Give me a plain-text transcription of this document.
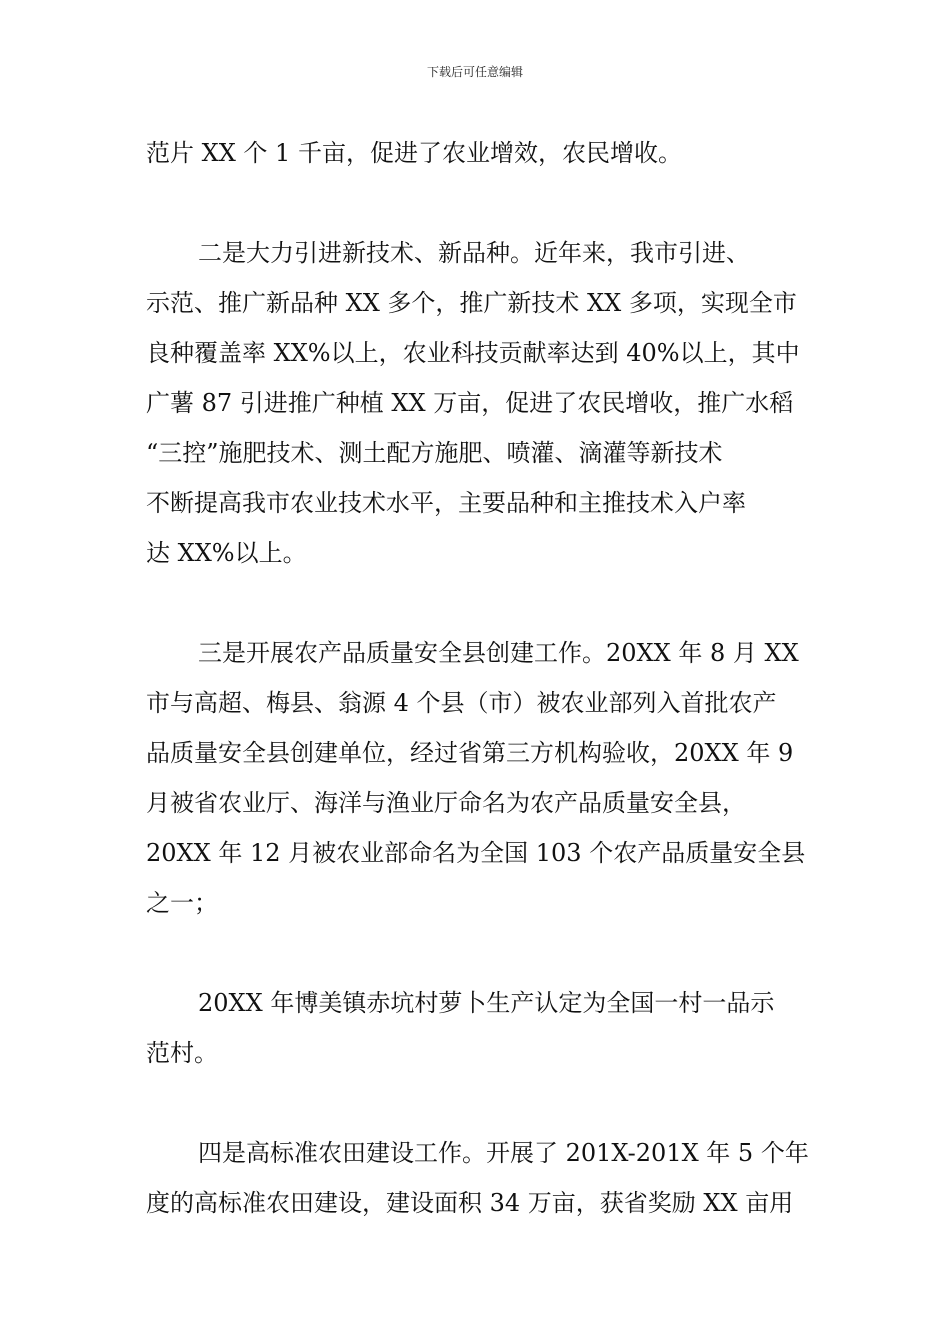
下载后可任意编辑
范片 XX 个 1 千亩，促进了农业增效，农民增收。
二是大力引进新技术、新品种。近年来，我市引进、
示范、推广新品种 XX 多个，推广新技术 XX 多项，实现全市
良种覆盖率 XX%以上，农业科技贡献率达到 40%以上，其中
广薯 87 引进推广种植 XX 万亩，促进了农民增收，推广水稻
“三控”施肥技术、测土配方施肥、喷灌、滴灌等新技术
不断提高我市农业技术水平，主要品种和主推技术入户率
达 XX%以上。
三是开展农产品质量安全县创建工作。20XX 年 8 月 XX
市与高超、梅县、翁源 4 个县（市）被农业部列入首批农产
品质量安全县创建单位，经过省第三方机构验收，20XX 年 9
月被省农业厅、海洋与渔业厅命名为农产品质量安全县，
20XX 年 12 月被农业部命名为全国 103 个农产品质量安全县
之一；
20XX 年博美镇赤坑村萝卜生产认定为全国一村一品示
范村。
四是高标准农田建设工作。开展了 201X-201X 年 5 个年
度的高标准农田建设，建设面积 34 万亩，获省奖励 XX 亩用
